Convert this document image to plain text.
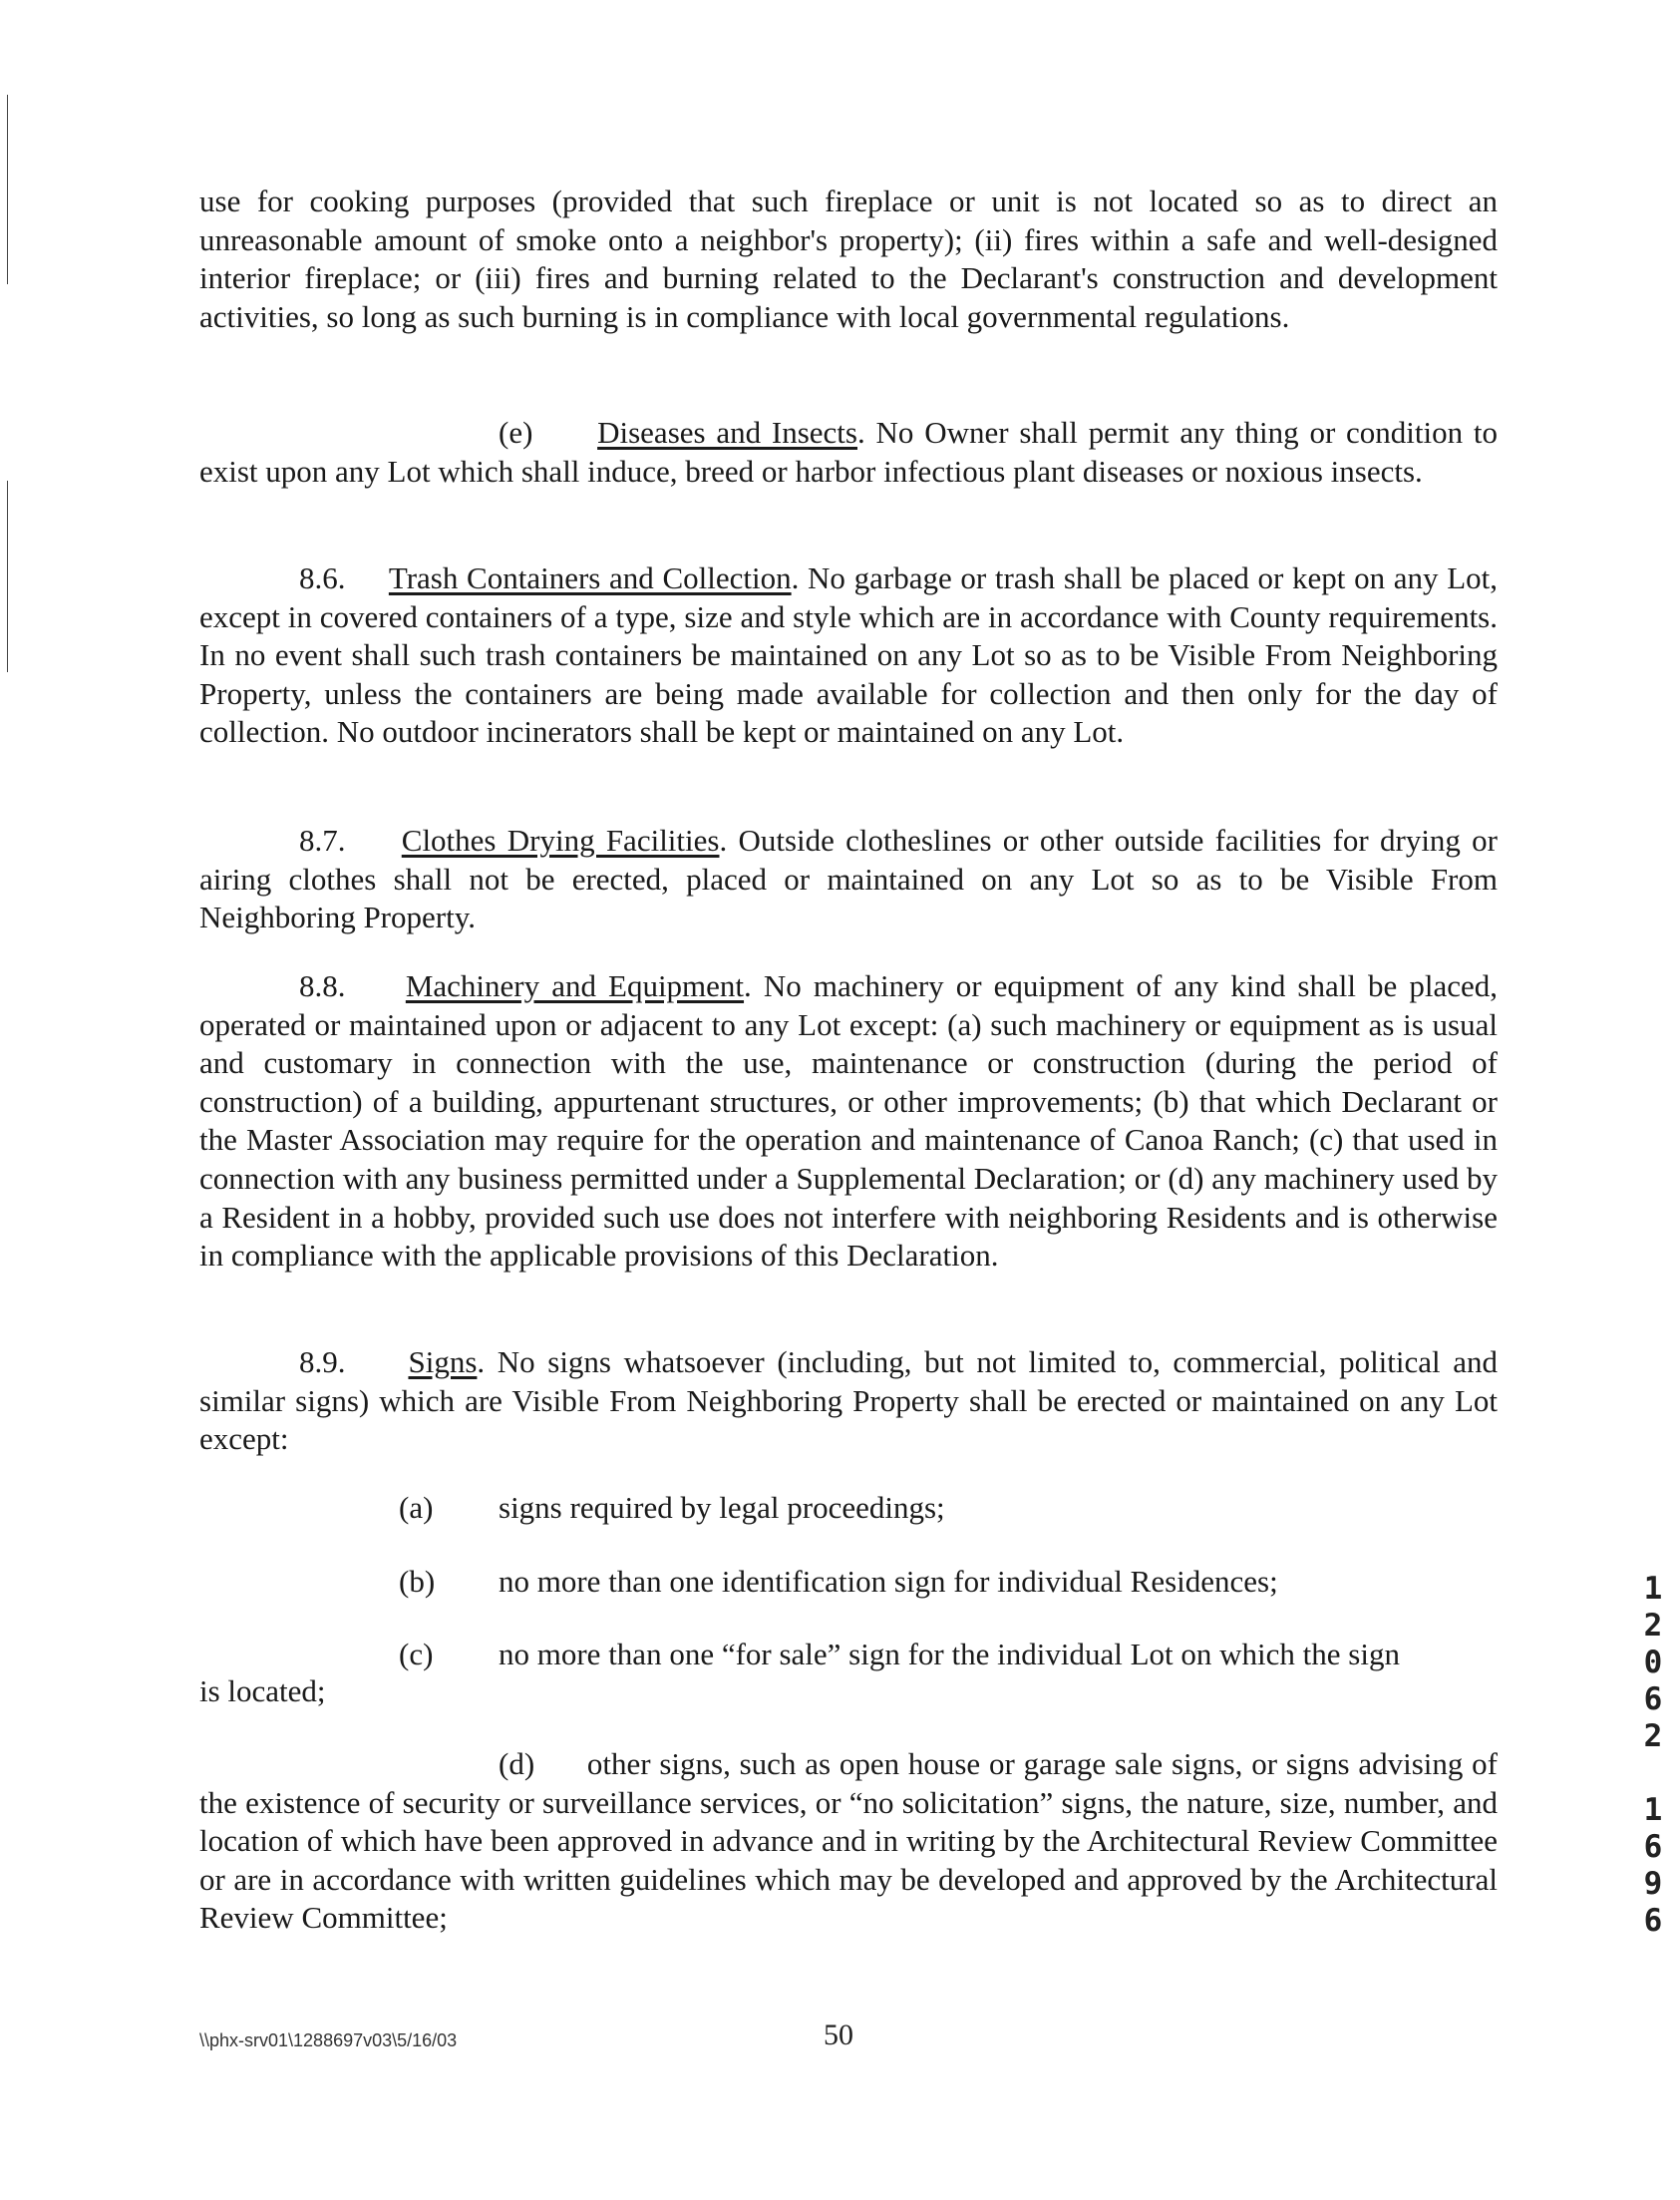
use for cooking purposes (provided that such fireplace or unit is not located so as to direct an unreasonable amount of smoke onto a neighbor's property); (ii) fires within a safe and well-designed interior fireplace; or (iii) fires and burning related to the Declarant's construction and development activities, so long as such burning is in compliance with local governmental regulations.

(e) Diseases and Insects. No Owner shall permit any thing or condition to exist upon any Lot which shall induce, breed or harbor infectious plant diseases or noxious insects.

8.6. Trash Containers and Collection. No garbage or trash shall be placed or kept on any Lot, except in covered containers of a type, size and style which are in accordance with County requirements. In no event shall such trash containers be maintained on any Lot so as to be Visible From Neighboring Property, unless the containers are being made available for collection and then only for the day of collection. No outdoor incinerators shall be kept or maintained on any Lot.

8.7. Clothes Drying Facilities. Outside clotheslines or other outside facilities for drying or airing clothes shall not be erected, placed or maintained on any Lot so as to be Visible From Neighboring Property.

8.8. Machinery and Equipment. No machinery or equipment of any kind shall be placed, operated or maintained upon or adjacent to any Lot except: (a) such machinery or equipment as is usual and customary in connection with the use, maintenance or construction (during the period of construction) of a building, appurtenant structures, or other improvements; (b) that which Declarant or the Master Association may require for the operation and maintenance of Canoa Ranch; (c) that used in connection with any business permitted under a Supplemental Declaration; or (d) any machinery used by a Resident in a hobby, provided such use does not interfere with neighboring Residents and is otherwise in compliance with the applicable provisions of this Declaration.

8.9. Signs. No signs whatsoever (including, but not limited to, commercial, political and similar signs) which are Visible From Neighboring Property shall be erected or maintained on any Lot except:

(a) signs required by legal proceedings;
(b) no more than one identification sign for individual Residences;
(c) no more than one “for sale” sign for the individual Lot on which the sign
is located;

(d) other signs, such as open house or garage sale signs, or signs advising of the existence of security or surveillance services, or “no solicitation” signs, the nature, size, number, and location of which have been approved in advance and in writing by the Architectural Review Committee or are in accordance with written guidelines which may be developed and approved by the Architectural Review Committee;

1
2
0
6
2
1
6
9
6
\\phx-srv01\1288697v03\5/16/03	50
